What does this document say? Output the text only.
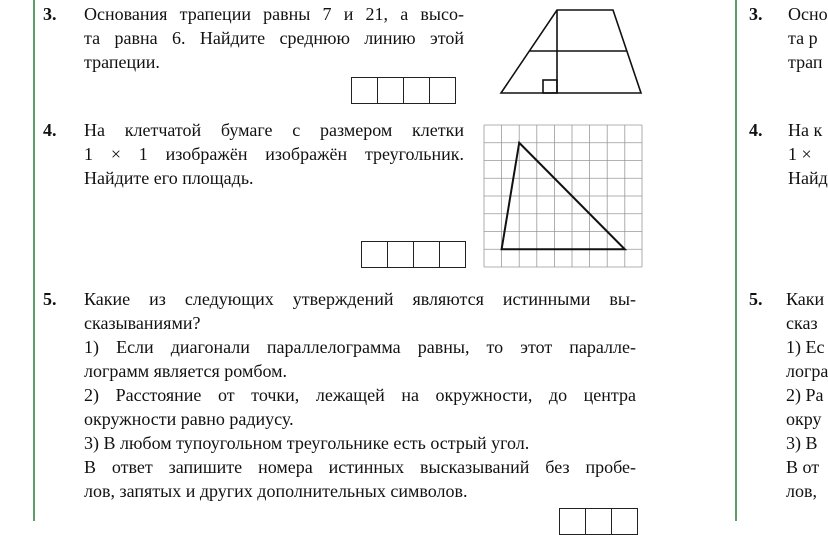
3. Основания трапеции равны 7 и 21, а высо-
та равна 6. Найдите среднюю линию этой
трапеции.
4. На клетчатой бумаге с размером клетки
1 × 1 изображён изображён треугольник.
Найдите его площадь.
5. Какие из следующих утверждений являются истинными вы-
сказываниями?
1) Если диагонали параллелограмма равны, то этот паралле-
лограмм является ромбом.
2) Расстояние от точки, лежащей на окружности, до центра
окружности равно радиусу.
3) В любом тупоугольном треугольнике есть острый угол.
В ответ запишите номера истинных высказываний без пробе-
лов, запятых и других дополнительных символов.
3. Осно
та р
трап
4. На к
1 ×
Найд
5. Каки
сказ
1) Ес
логра
2) Ра
окру
3) В
В от
лов,
